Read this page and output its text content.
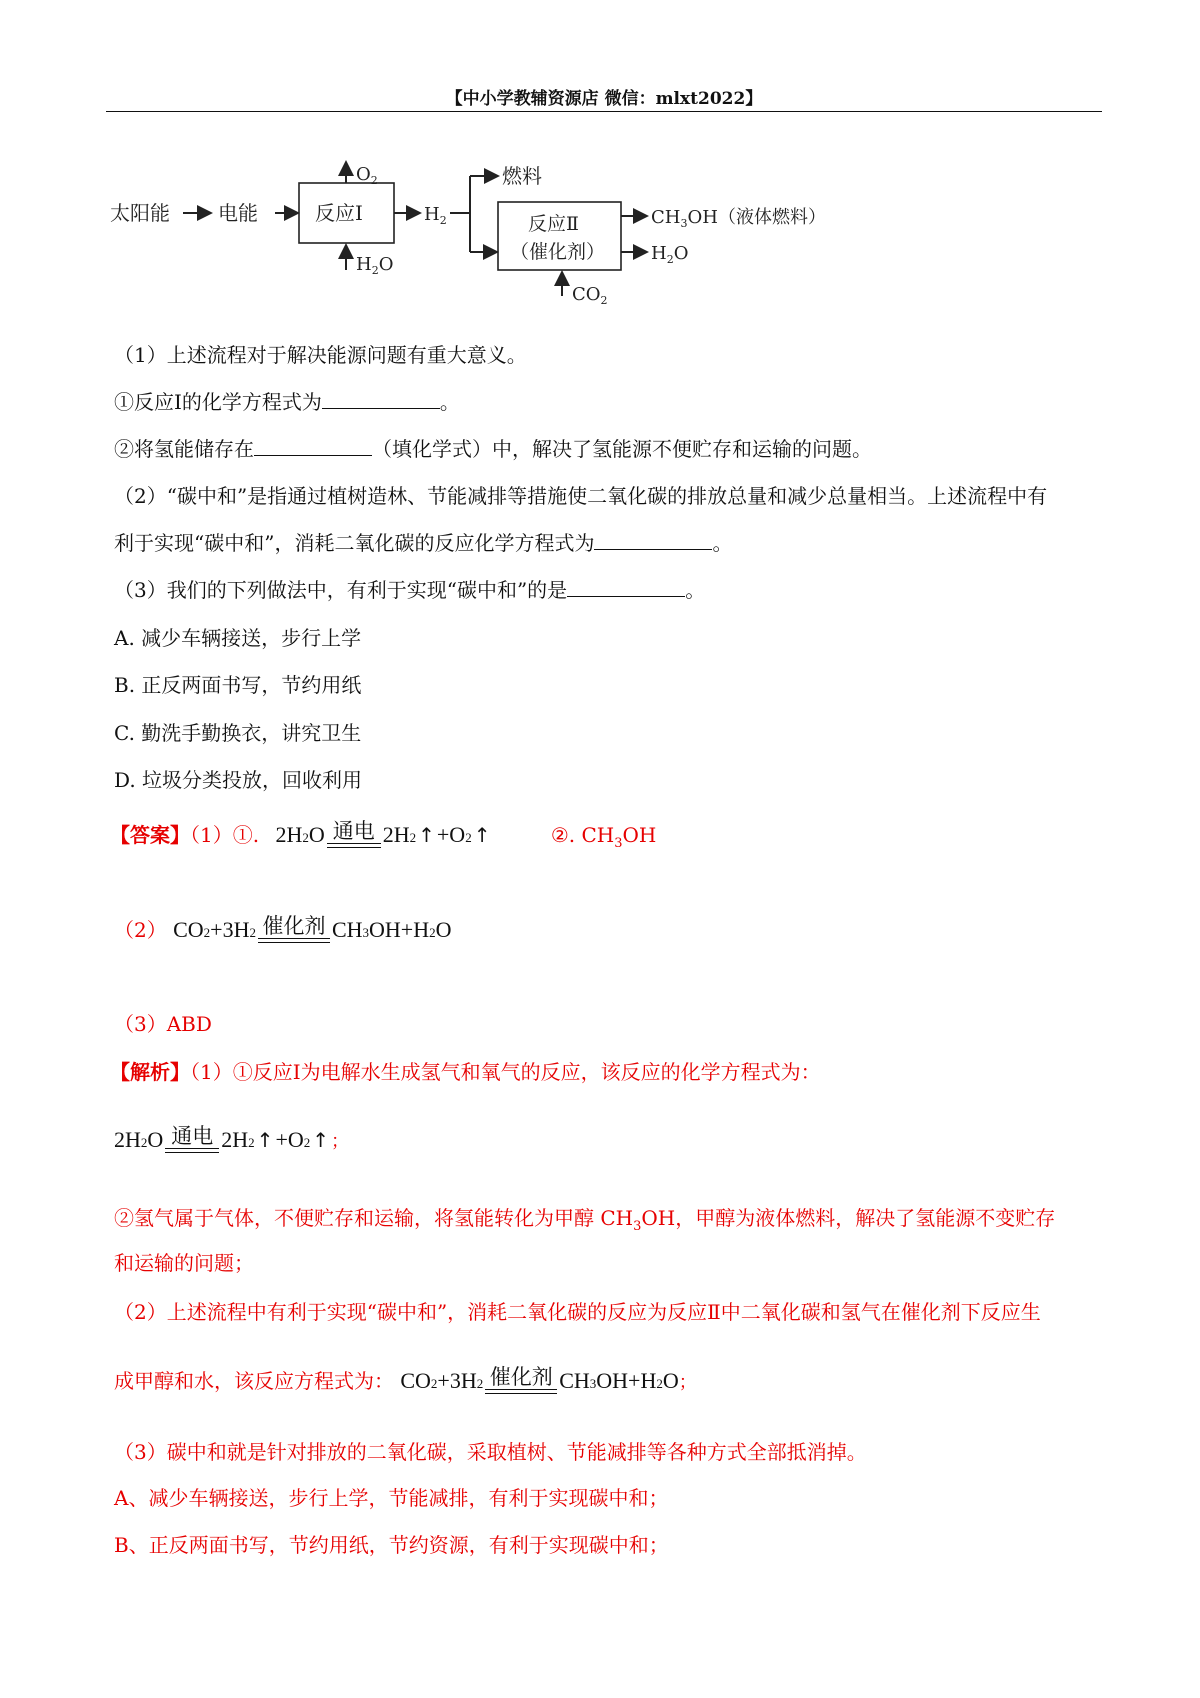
【中小学教辅资源店 微信：mlxt2022】
太阳能 电能	反应Ⅰ
$O_2$
$H_2O$
$H_2$
燃料
反应Ⅱ
（催化剂）
$CH_3OH$（液体燃料）
$H_2O$
$CO_2$
（1）上述流程对于解决能源问题有重大意义。
①反应Ⅰ的化学方程式为	。
②将氢能储存在	（填化学式）中，解决了氢能源不便贮存和运输的问题。
（2）“碳中和”是指通过植树造林、节能减排等措施使二氧化碳的排放总量和减少总量相当。上述流程中有
利于实现“碳中和”，消耗二氧化碳的反应化学方程式为	。
（3）我们的下列做法中，有利于实现“碳中和”的是	。
A. 减少车辆接送，步行上学
B. 正反两面书写，节约用纸
C. 勤洗手勤换衣，讲究卫生
D. 垃圾分类投放，回收利用
【答案】（1）①. 2H 2 O 通电 2H 2 ↑ +O 2 ↑	②. $CH_3OH$
（2） CO 2 +3H 2 催化剂 CH 3 OH+H 2 O
（3）ABD
【解析】（1）①反应Ⅰ为电解水生成氢气和氧气的反应，该反应的化学方程式为：
2H 2 O 通电 2H 2 ↑ +O 2 ↑ ；
②氢气属于气体，不便贮存和运输，将氢能转化为甲醇 $CH_3OH$，甲醇为液体燃料，解决了氢能源不变贮存
和运输的问题；
（2）上述流程中有利于实现“碳中和”，消耗二氧化碳的反应为反应Ⅱ中二氧化碳和氢气在催化剂下反应生
成甲醇和水，该反应方程式为： CO 2 +3H 2 催化剂 CH 3 OH+H 2 O ；
（3）碳中和就是针对排放的二氧化碳，采取植树、节能减排等各种方式全部抵消掉。
A、减少车辆接送，步行上学，节能减排，有利于实现碳中和；
B、正反两面书写，节约用纸，节约资源，有利于实现碳中和；
